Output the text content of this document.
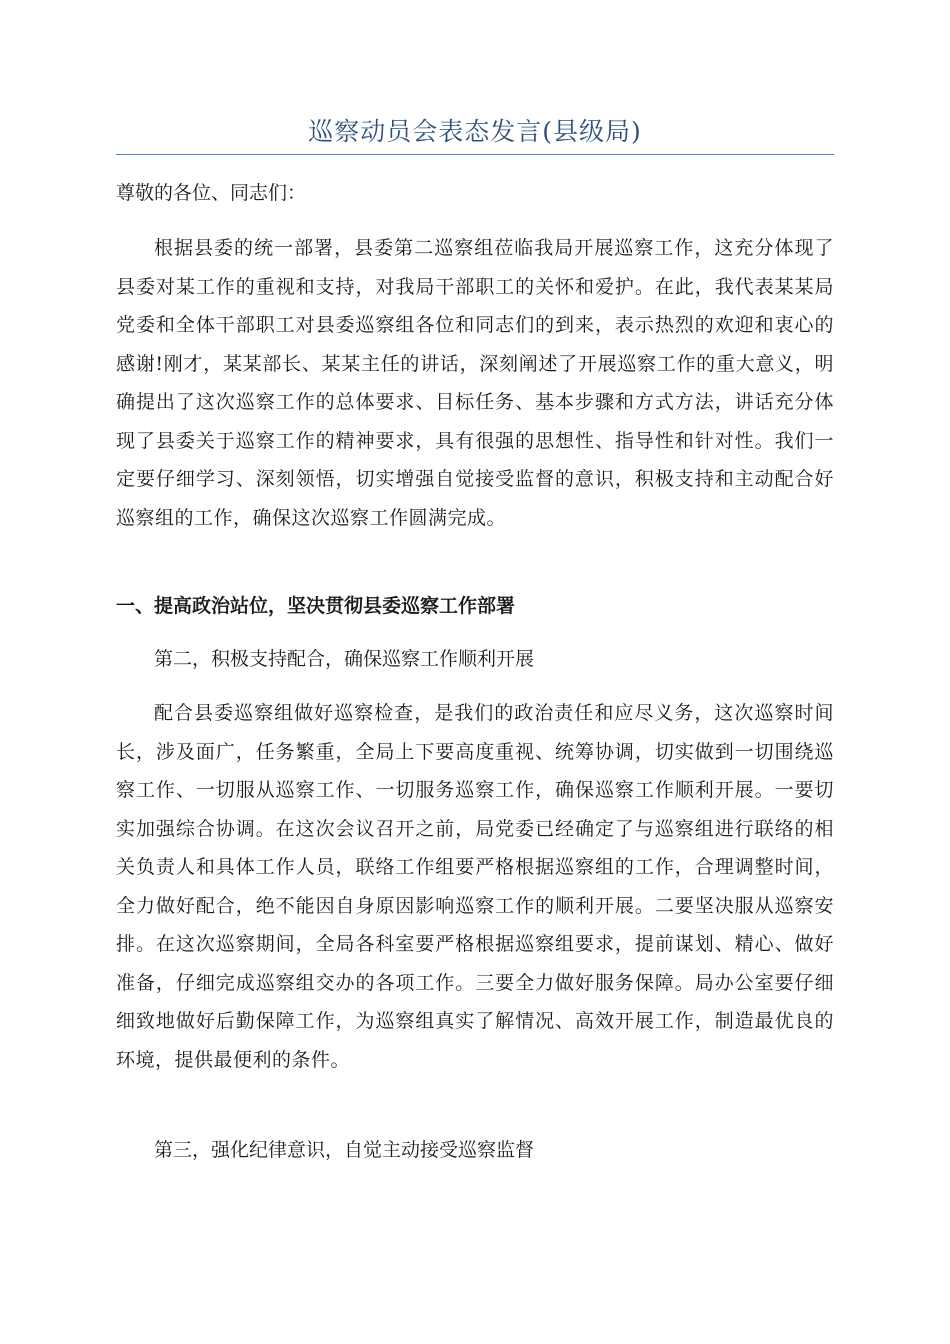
巡察动员会表态发言(县级局)
尊敬的各位、同志们：

根据县委的统一部署，县委第二巡察组莅临我局开展巡察工作，这充分体现了县委对某工作的重视和支持，对我局干部职工的关怀和爱护。在此，我代表某某局党委和全体干部职工对县委巡察组各位和同志们的到来，表示热烈的欢迎和衷心的感谢!刚才，某某部长、某某主任的讲话，深刻阐述了开展巡察工作的重大意义，明确提出了这次巡察工作的总体要求、目标任务、基本步骤和方式方法，讲话充分体现了县委关于巡察工作的精神要求，具有很强的思想性、指导性和针对性。我们一定要仔细学习、深刻领悟，切实增强自觉接受监督的意识，积极支持和主动配合好巡察组的工作，确保这次巡察工作圆满完成。

一、提高政治站位，坚决贯彻县委巡察工作部署
第二，积极支持配合，确保巡察工作顺利开展

配合县委巡察组做好巡察检查，是我们的政治责任和应尽义务，这次巡察时间长，涉及面广，任务繁重，全局上下要高度重视、统筹协调，切实做到一切围绕巡察工作、一切服从巡察工作、一切服务巡察工作，确保巡察工作顺利开展。一要切实加强综合协调。在这次会议召开之前，局党委已经确定了与巡察组进行联络的相关负责人和具体工作人员，联络工作组要严格根据巡察组的工作，合理调整时间，全力做好配合，绝不能因自身原因影响巡察工作的顺利开展。二要坚决服从巡察安排。在这次巡察期间，全局各科室要严格根据巡察组要求，提前谋划、精心、做好准备，仔细完成巡察组交办的各项工作。三要全力做好服务保障。局办公室要仔细细致地做好后勤保障工作，为巡察组真实了解情况、高效开展工作，制造最优良的环境，提供最便利的条件。

第三，强化纪律意识，自觉主动接受巡察监督
